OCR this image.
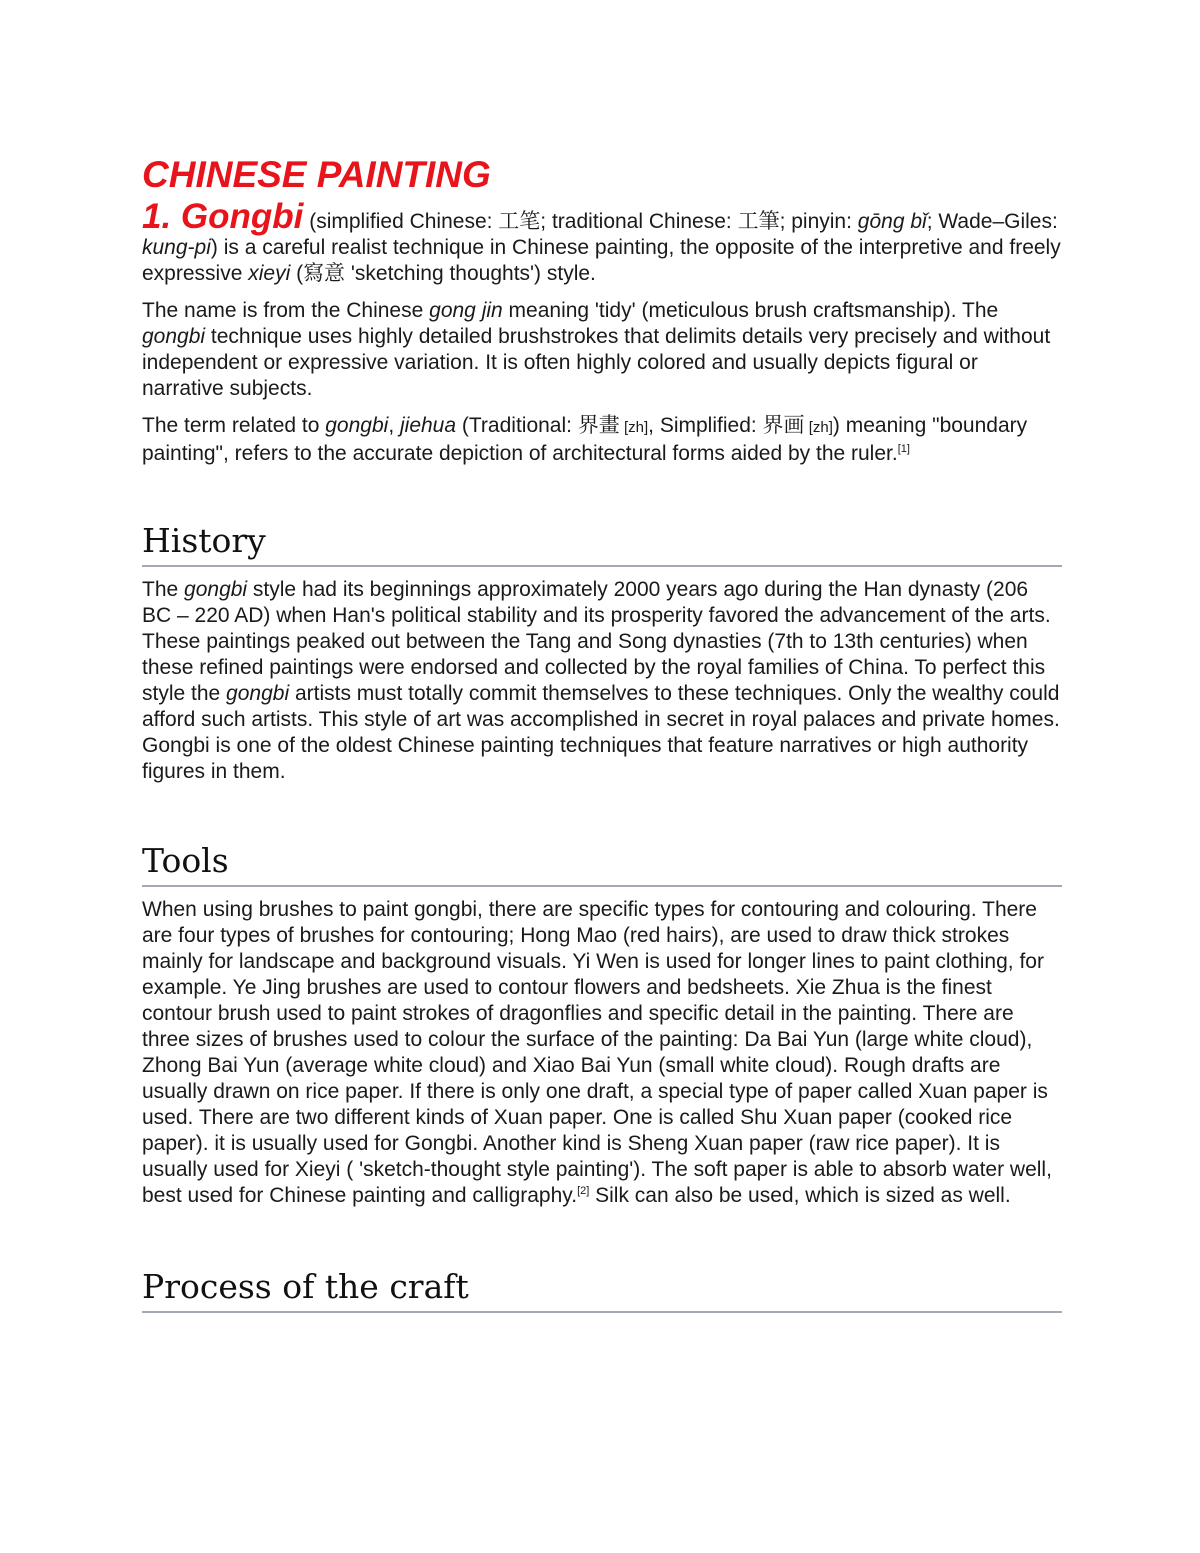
CHINESE PAINTING
1. Gongbi (simplified Chinese: 工笔; traditional Chinese: 工筆; pinyin: gōng bǐ; Wade–Giles: kung-pi) is a careful realist technique in Chinese painting, the opposite of the interpretive and freely expressive xieyi (寫意 'sketching thoughts') style.
The name is from the Chinese gong jin meaning 'tidy' (meticulous brush craftsmanship). The gongbi technique uses highly detailed brushstrokes that delimits details very precisely and without independent or expressive variation. It is often highly colored and usually depicts figural or narrative subjects.
The term related to gongbi, jiehua (Traditional: 界畫 [zh], Simplified: 界画 [zh]) meaning "boundary painting", refers to the accurate depiction of architectural forms aided by the ruler.[1]
History
The gongbi style had its beginnings approximately 2000 years ago during the Han dynasty (206 BC – 220 AD) when Han's political stability and its prosperity favored the advancement of the arts. These paintings peaked out between the Tang and Song dynasties (7th to 13th centuries) when these refined paintings were endorsed and collected by the royal families of China. To perfect this style the gongbi artists must totally commit themselves to these techniques. Only the wealthy could afford such artists. This style of art was accomplished in secret in royal palaces and private homes. Gongbi is one of the oldest Chinese painting techniques that feature narratives or high authority figures in them.
Tools
When using brushes to paint gongbi, there are specific types for contouring and colouring. There are four types of brushes for contouring; Hong Mao (red hairs), are used to draw thick strokes mainly for landscape and background visuals. Yi Wen is used for longer lines to paint clothing, for example. Ye Jing brushes are used to contour flowers and bedsheets. Xie Zhua is the finest contour brush used to paint strokes of dragonflies and specific detail in the painting. There are three sizes of brushes used to colour the surface of the painting: Da Bai Yun (large white cloud), Zhong Bai Yun (average white cloud) and Xiao Bai Yun (small white cloud). Rough drafts are usually drawn on rice paper. If there is only one draft, a special type of paper called Xuan paper is used. There are two different kinds of Xuan paper. One is called Shu Xuan paper (cooked rice paper). it is usually used for Gongbi. Another kind is Sheng Xuan paper (raw rice paper). It is usually used for Xieyi ( 'sketch-thought style painting'). The soft paper is able to absorb water well, best used for Chinese painting and calligraphy.[2] Silk can also be used, which is sized as well.
Process of the craft
